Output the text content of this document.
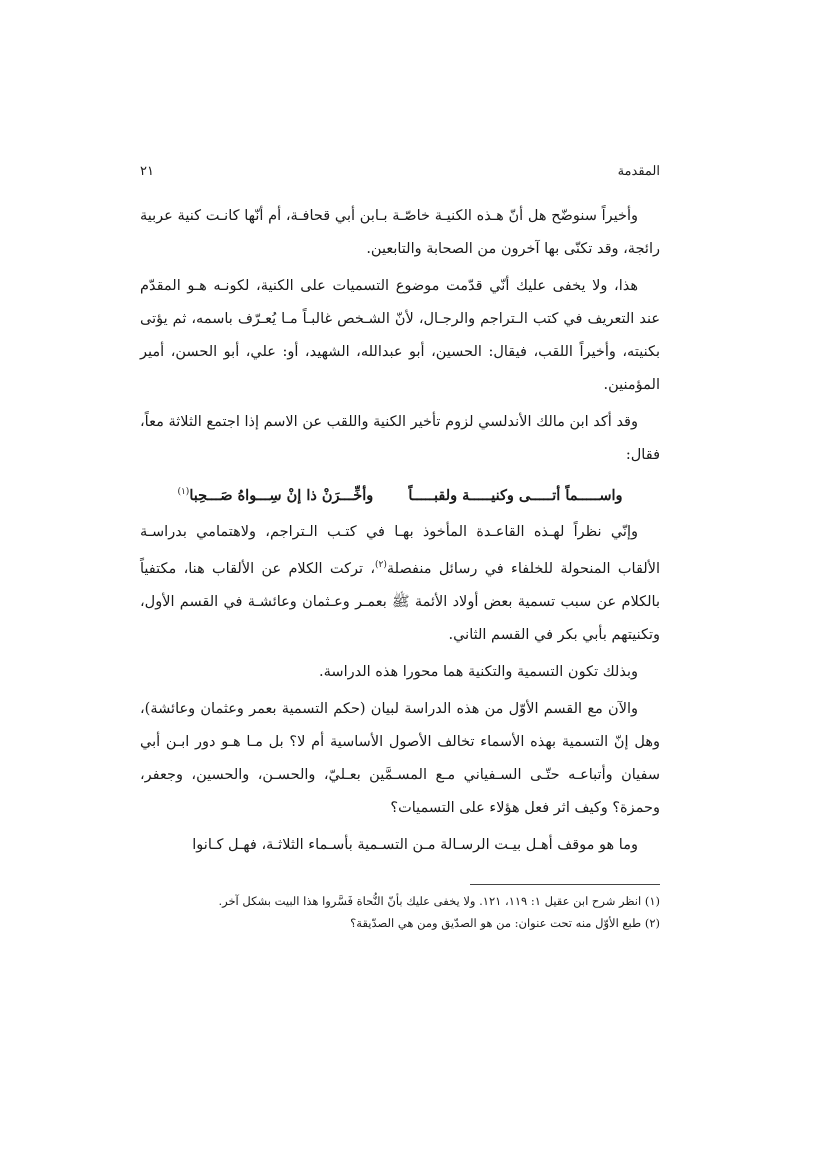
المقدمة
٢١

وأخيراً سنوضّح هل أنّ هـذه الكنيـة خاصّـة بـابن أبي قحافـة، أم أنّها كانـت كنية عربية رائجة، وقد تكنّى بها آخرون من الصحابة والتابعين.

هذا، ولا يخفى عليك أنّي قدّمت موضوع التسميات على الكنية، لكونـه هـو المقدّم عند التعريف في كتب الـتراجم والرجـال، لأنّ الشـخص غالبـاً مـا يُعـرّف باسمه، ثم يؤتى بكنيته، وأخيراً اللقب، فيقال: الحسين، أبو عبدالله، الشهيد، أو: علي، أبو الحسن، أمير المؤمنين.

وقد أكد ابن مالك الأندلسي لزوم تأخير الكنية واللقب عن الاسم إذا اجتمع الثلاثة معاً، فقال:

واســـــماً أتـــــى وكنيـــــة ولقبـــــاً وأخِّـــرَنْ ذا إنْ سِـــواهُ صَـــحِبا$^{(١)}$

وإنّي نظراً لهـذه القاعـدة المأخوذ بهـا في كتـب الـتراجم، ولاهتمامي بدراسـة الألقاب المنحولة للخلفاء في رسائل منفصلة$^{(٢)}$، تركت الكلام عن الألقاب هنا، مكتفياً بالكلام عن سبب تسمية بعض أولاد الأئمة ﷺ بعمـر وعـثمان وعائشـة في القسم الأول، وتكنيتهم بأبي بكر في القسم الثاني.

وبذلك تكون التسمية والتكنية هما محورا هذه الدراسة.

والآن مع القسم الأوّل من هذه الدراسة لبيان (حكم التسمية بعمر وعثمان وعائشة)، وهل إنّ التسمية بهذه الأسماء تخالف الأصول الأساسية أم لا؟ بل مـا هـو دور ابـن أبي سفيان وأتباعـه حتّـى السـفياني مـع المسـمَّين بعـليّ، والحسـن، والحسين، وجعفر، وحمزة؟ وكيف اثر فعل هؤلاء على التسميات؟

وما هو موقف أهـل بيـت الرسـالة مـن التسـمية بأسـماء الثلاثـة، فهـل كـانوا

(١) انظر شرح ابن عقيل ١: ١١٩، ١٢١. ولا يخفى عليك بأنّ النُّحاة فَسَّروا هذا البيت بشكل آخر.

(٢) طبع الأوّل منه تحت عنوان: من هو الصدّيق ومن هي الصدّيقة؟
